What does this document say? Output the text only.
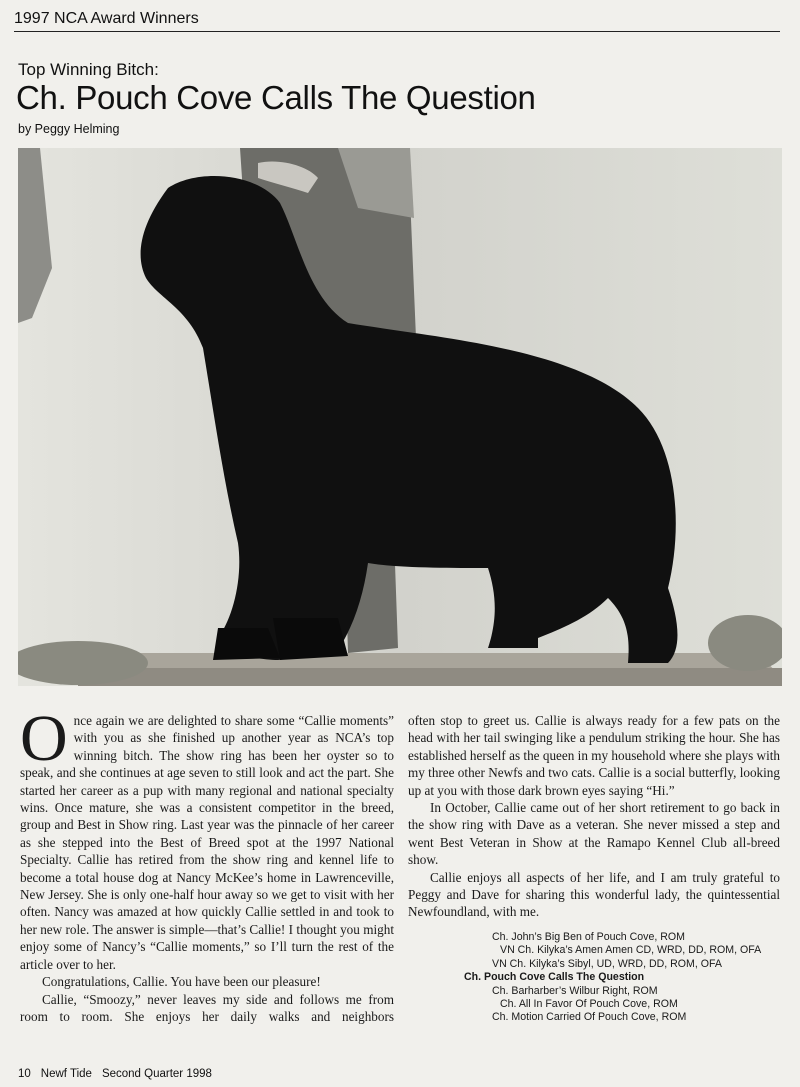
1997 NCA Award Winners
Top Winning Bitch:
Ch. Pouch Cove Calls The Question
by Peggy Helming

Once again we are delighted to share some “Callie moments” with you as she finished up another year as NCA’s top winning bitch. The show ring has been her oyster so to speak, and she continues at age seven to still look and act the part. She started her career as a pup with many regional and national specialty wins. Once mature, she was a consistent competitor in the breed, group and Best in Show ring. Last year was the pinnacle of her career as she stepped into the Best of Breed spot at the 1997 National Specialty. Callie has retired from the show ring and kennel life to become a total house dog at Nancy McKee’s home in Lawrenceville, New Jersey. She is only one-half hour away so we get to visit with her often. Nancy was amazed at how quickly Callie settled in and took to her new role. The answer is simple—that’s Callie! I thought you might enjoy some of Nancy’s “Callie moments,” so I’ll turn the rest of the article over to her.

Congratulations, Callie. You have been our pleasure!

Callie, “Smoozy,” never leaves my side and follows me from room to room. She enjoys her daily walks and neighbors

often stop to greet us. Callie is always ready for a few pats on the head with her tail swinging like a pendulum striking the hour. She has established herself as the queen in my household where she plays with my three other Newfs and two cats. Callie is a social butterfly, looking up at you with those dark brown eyes saying “Hi.”

In October, Callie came out of her short retirement to go back in the show ring with Dave as a veteran. She never missed a step and went Best Veteran in Show at the Ramapo Kennel Club all-breed show.

Callie enjoys all aspects of her life, and I am truly grateful to Peggy and Dave for sharing this wonderful lady, the quintessential Newfoundland, with me.

Ch. John’s Big Ben of Pouch Cove, ROM
VN Ch. Kilyka’s Amen Amen CD, WRD, DD, ROM, OFA
VN Ch. Kilyka’s Sibyl, UD, WRD, DD, ROM, OFA
Ch. Pouch Cove Calls The Question
Ch. Barharber’s Wilbur Right, ROM
Ch. All In Favor Of Pouch Cove, ROM
Ch. Motion Carried Of Pouch Cove, ROM
10 Newf Tide Second Quarter 1998
